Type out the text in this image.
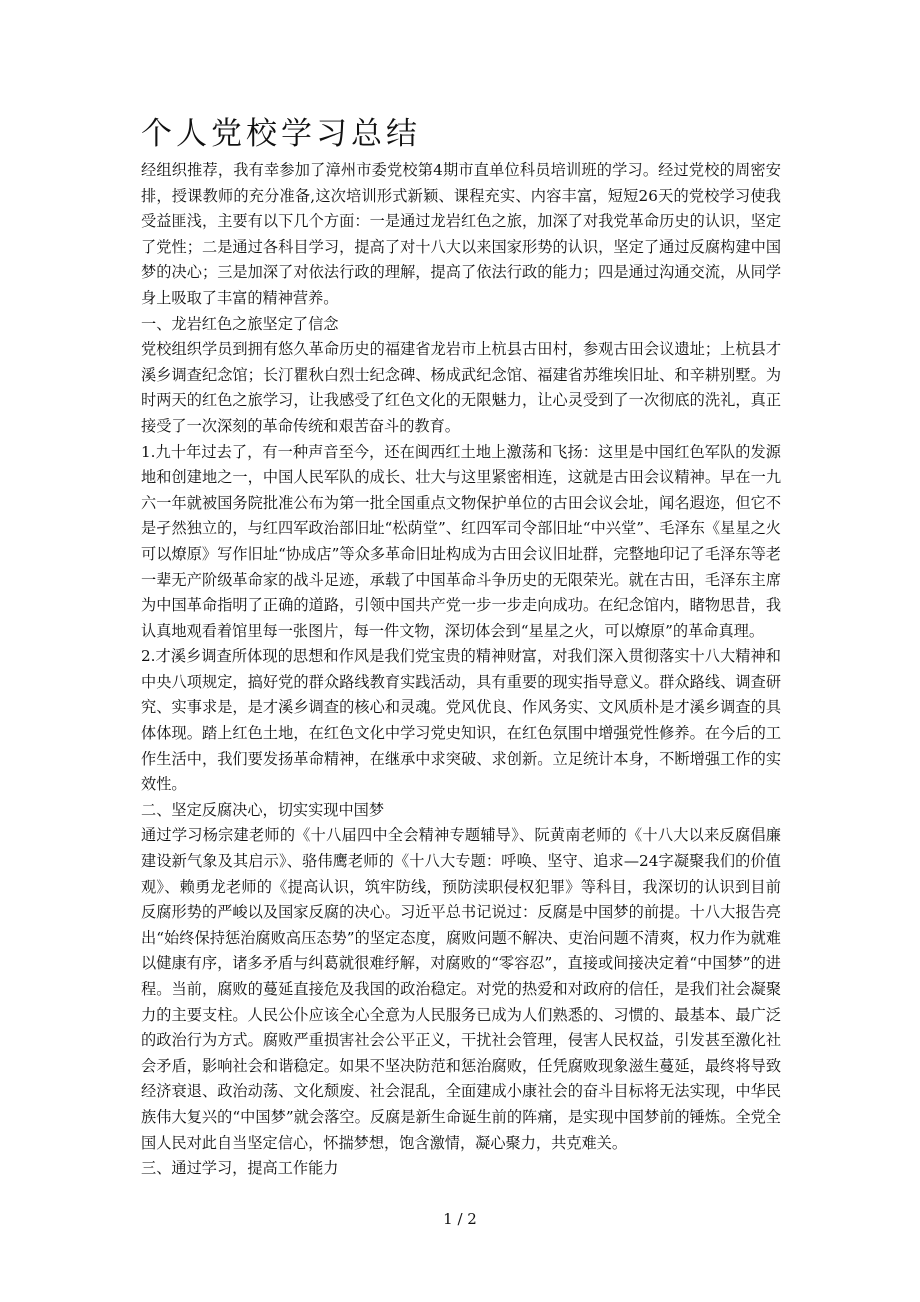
个人党校学习总结

经组织推荐，我有幸参加了漳州市委党校第4期市直单位科员培训班的学习。经过党校的周密安排，授课教师的充分准备,这次培训形式新颖、课程充实、内容丰富，短短26天的党校学习使我受益匪浅，主要有以下几个方面：一是通过龙岩红色之旅，加深了对我党革命历史的认识，坚定了党性；二是通过各科目学习，提高了对十八大以来国家形势的认识，坚定了通过反腐构建中国梦的决心；三是加深了对依法行政的理解，提高了依法行政的能力；四是通过沟通交流，从同学身上吸取了丰富的精神营养。

一、龙岩红色之旅坚定了信念

党校组织学员到拥有悠久革命历史的福建省龙岩市上杭县古田村，参观古田会议遗址；上杭县才溪乡调查纪念馆；长汀瞿秋白烈士纪念碑、杨成武纪念馆、福建省苏维埃旧址、和辛耕别墅。为时两天的红色之旅学习，让我感受了红色文化的无限魅力，让心灵受到了一次彻底的洗礼，真正接受了一次深刻的革命传统和艰苦奋斗的教育。

1.九十年过去了，有一种声音至今，还在闽西红土地上激荡和飞扬：这里是中国红色军队的发源地和创建地之一，中国人民军队的成长、壮大与这里紧密相连，这就是古田会议精神。早在一九六一年就被国务院批准公布为第一批全国重点文物保护单位的古田会议会址，闻名遐迩，但它不是孑然独立的，与红四军政治部旧址“松荫堂”、红四军司令部旧址“中兴堂”、毛泽东《星星之火可以燎原》写作旧址“协成店”等众多革命旧址构成为古田会议旧址群，完整地印记了毛泽东等老一辈无产阶级革命家的战斗足迹，承载了中国革命斗争历史的无限荣光。就在古田，毛泽东主席为中国革命指明了正确的道路，引领中国共产党一步一步走向成功。在纪念馆内，睹物思昔，我认真地观看着馆里每一张图片，每一件文物，深切体会到“星星之火，可以燎原”的革命真理。

2.才溪乡调查所体现的思想和作风是我们党宝贵的精神财富，对我们深入贯彻落实十八大精神和中央八项规定，搞好党的群众路线教育实践活动，具有重要的现实指导意义。群众路线、调查研究、实事求是，是才溪乡调查的核心和灵魂。党风优良、作风务实、文风质朴是才溪乡调查的具体体现。踏上红色土地，在红色文化中学习党史知识，在红色氛围中增强党性修养。在今后的工作生活中，我们要发扬革命精神，在继承中求突破、求创新。立足统计本身，不断增强工作的实效性。

二、坚定反腐决心，切实实现中国梦

通过学习杨宗建老师的《十八届四中全会精神专题辅导》、阮黄南老师的《十八大以来反腐倡廉建设新气象及其启示》、骆伟鹰老师的《十八大专题：呼唤、坚守、追求—24字凝聚我们的价值观》、赖勇龙老师的《提高认识，筑牢防线，预防渎职侵权犯罪》等科目，我深切的认识到目前反腐形势的严峻以及国家反腐的决心。习近平总书记说过：反腐是中国梦的前提。十八大报告亮出“始终保持惩治腐败高压态势”的坚定态度，腐败问题不解决、吏治问题不清爽，权力作为就难以健康有序，诸多矛盾与纠葛就很难纾解，对腐败的“零容忍”，直接或间接决定着“中国梦”的进程。当前，腐败的蔓延直接危及我国的政治稳定。对党的热爱和对政府的信任，是我们社会凝聚力的主要支柱。人民公仆应该全心全意为人民服务已成为人们熟悉的、习惯的、最基本、最广泛的政治行为方式。腐败严重损害社会公平正义，干扰社会管理，侵害人民权益，引发甚至激化社会矛盾，影响社会和谐稳定。如果不坚决防范和惩治腐败，任凭腐败现象滋生蔓延，最终将导致经济衰退、政治动荡、文化颓废、社会混乱，全面建成小康社会的奋斗目标将无法实现，中华民族伟大复兴的“中国梦”就会落空。反腐是新生命诞生前的阵痛，是实现中国梦前的锤炼。全党全国人民对此自当坚定信心，怀揣梦想，饱含激情，凝心聚力，共克难关。

三、通过学习，提高工作能力

1 / 2
